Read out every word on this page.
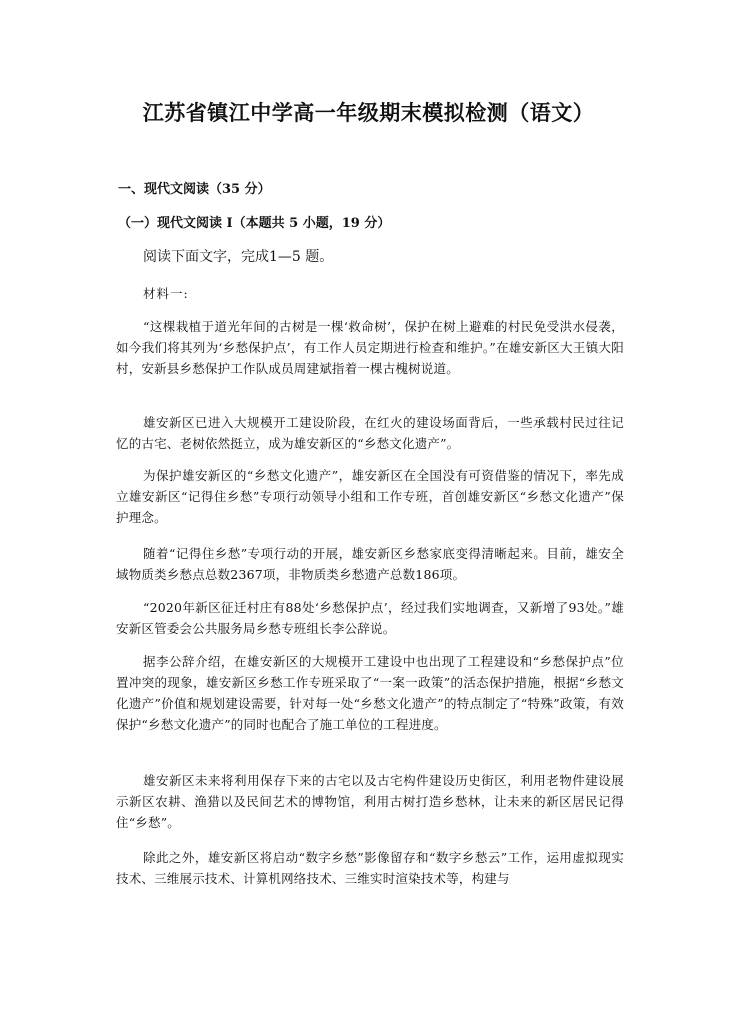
江苏省镇江中学高一年级期末模拟检测（语文）
一、现代文阅读（35 分）
（一）现代文阅读 I（本题共 5 小题，19 分）
阅读下面文字，完成1—5 题。
材料一:

“这棵栽植于道光年间的古树是一棵‘救命树’，保护在树上避难的村民免受洪水侵袭，如今我们将其列为‘乡愁保护点’，有工作人员定期进行检查和维护。”在雄安新区大王镇大阳村，安新县乡愁保护工作队成员周建斌指着一棵古槐树说道。

雄安新区已进入大规模开工建设阶段，在红火的建设场面背后，一些承载村民过往记忆的古宅、老树依然挺立，成为雄安新区的“乡愁文化遗产”。

为保护雄安新区的“乡愁文化遗产”，雄安新区在全国没有可资借鉴的情况下，率先成立雄安新区“记得住乡愁”专项行动领导小组和工作专班，首创雄安新区“乡愁文化遗产”保护理念。

随着“记得住乡愁”专项行动的开展，雄安新区乡愁家底变得清晰起来。目前，雄安全域物质类乡愁点总数2367项，非物质类乡愁遗产总数186项。

“2020年新区征迁村庄有88处‘乡愁保护点’，经过我们实地调查，又新增了93处。”雄安新区管委会公共服务局乡愁专班组长李公辞说。

据李公辞介绍，在雄安新区的大规模开工建设中也出现了工程建设和“乡愁保护点”位置冲突的现象，雄安新区乡愁工作专班采取了“一案一政策”的活态保护措施，根据“乡愁文化遗产”价值和规划建设需要，针对每一处“乡愁文化遗产”的特点制定了“特殊”政策，有效保护“乡愁文化遗产”的同时也配合了施工单位的工程进度。

雄安新区未来将利用保存下来的古宅以及古宅构件建设历史街区，利用老物件建设展示新区农耕、渔猎以及民间艺术的博物馆，利用古树打造乡愁林，让未来的新区居民记得住“乡愁”。

除此之外，雄安新区将启动“数字乡愁”影像留存和“数字乡愁云”工作，运用虚拟现实技术、三维展示技术、计算机网络技术、三维实时渲染技术等，构建与
